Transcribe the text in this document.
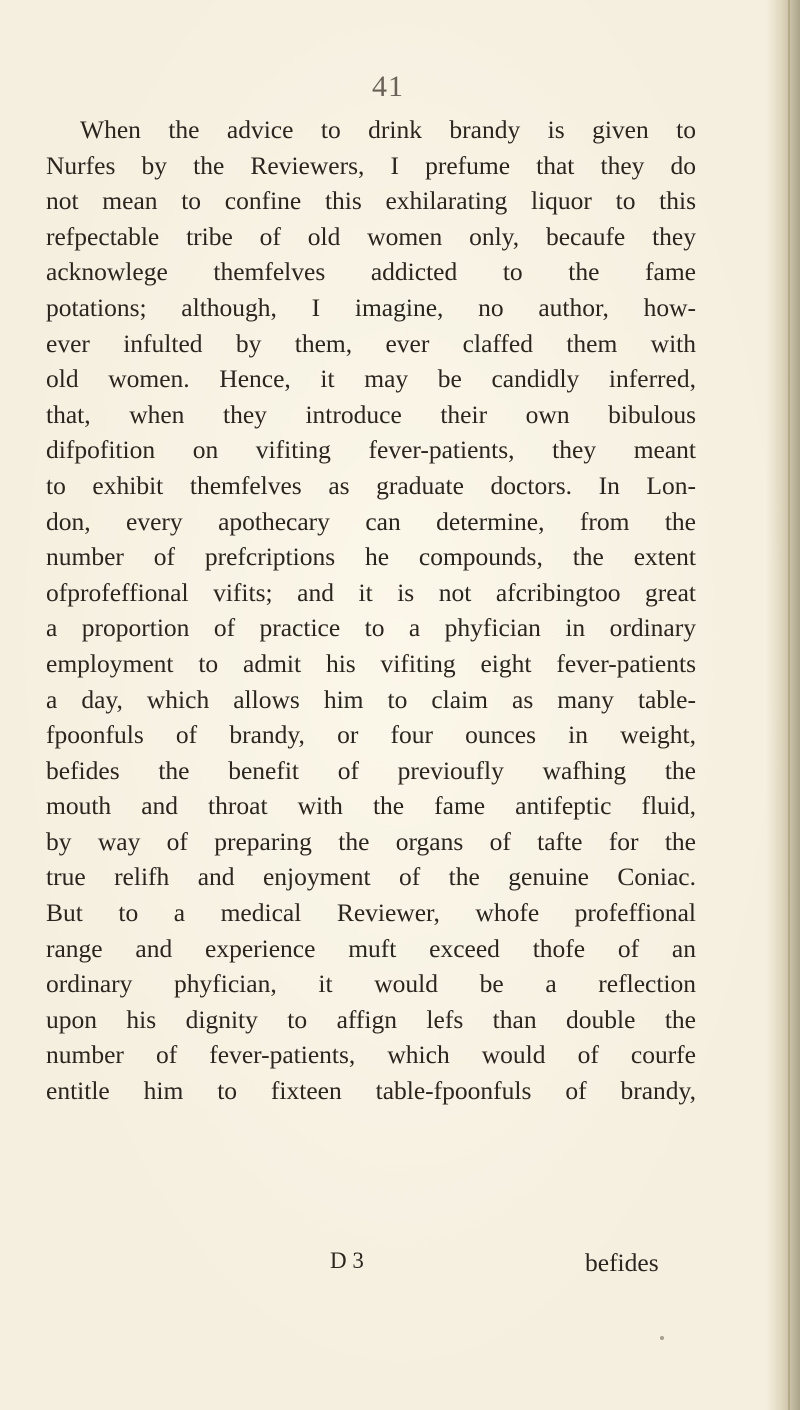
41
When the advice to drink brandy is given to
Nurfes by the Reviewers, I prefume that they do
not mean to confine this exhilarating liquor to this
refpectable tribe of old women only, becaufe they
acknowlege themfelves addicted to the fame
potations; although, I imagine, no author, how-
ever infulted by them, ever claffed them with
old women. Hence, it may be candidly inferred,
that, when they introduce their own bibulous
difpofition on vifiting fever-patients, they meant
to exhibit themfelves as graduate doctors. In Lon-
don, every apothecary can determine, from the
number of prefcriptions he compounds, the extent
ofprofeffional vifits; and it is not afcribingtoo great
a proportion of practice to a phyfician in ordinary
employment to admit his vifiting eight fever-patients
a day, which allows him to claim as many table-
fpoonfuls of brandy, or four ounces in weight,
befides the benefit of previoufly wafhing the
mouth and throat with the fame antifeptic fluid,
by way of preparing the organs of tafte for the
true relifh and enjoyment of the genuine Coniac.
But to a medical Reviewer, whofe profeffional
range and experience muft exceed thofe of an
ordinary phyfician, it would be a reflection
upon his dignity to affign lefs than double the
number of fever-patients, which would of courfe
entitle him to fixteen table-fpoonfuls of brandy,
D 3	befides
